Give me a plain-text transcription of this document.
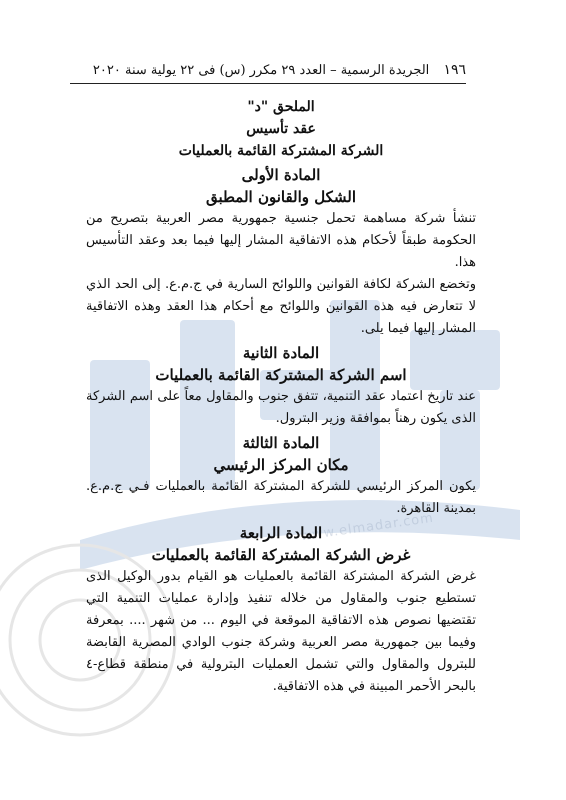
www.elmadar.com
١٩٦ الجريدة الرسمية – العدد ٢٩ مكرر (س) فى ٢٢ يولية سنة ٢٠٢٠
الملحق "د"
عقد تأسيس
الشركة المشتركة القائمة بالعمليات
المادة الأولى
الشكل والقانون المطبق

تنشأ شركة مساهمة تحمل جنسية جمهورية مصر العربية بتصريح من الحكومة طبقاً لأحكام هذه الاتفاقية المشار إليها فيما بعد وعقد التأسيس هذا.

وتخضع الشركة لكافة القوانين واللوائح السارية في ج.م.ع. إلى الحد الذي لا تتعارض فيه هذه القوانين واللوائح مع أحكام هذا العقد وهذه الاتفاقية المشار إليها فيما يلى.

المادة الثانية
اسم الشركة المشتركة القائمة بالعمليات

عند تاريخ اعتماد عقد التنمية، تتفق جنوب والمقاول معاً على اسم الشركة الذى يكون رهناً بموافقة وزير البترول.

المادة الثالثة
مكان المركز الرئيسي

يكون المركز الرئيسي للشركة المشتركة القائمة بالعمليات فـي ج.م.ع. بمدينة القاهرة.

المادة الرابعة
غرض الشركة المشتركة القائمة بالعمليات

غرض الشركة المشتركة القائمة بالعمليات هو القيام بدور الوكيل الذى تستطيع جنوب والمقاول من خلاله تنفيذ وإدارة عمليات التنمية التي تقتضيها نصوص هذه الاتفاقية الموقعة في اليوم ... من شهر .... بمعرفة وفيما بين جمهورية مصر العربية وشركة جنوب الوادي المصرية القابضة للبترول والمقاول والتي تشمل العمليات البترولية في منطقة قطاع-٤ بالبحر الأحمر المبينة في هذه الاتفاقية.
